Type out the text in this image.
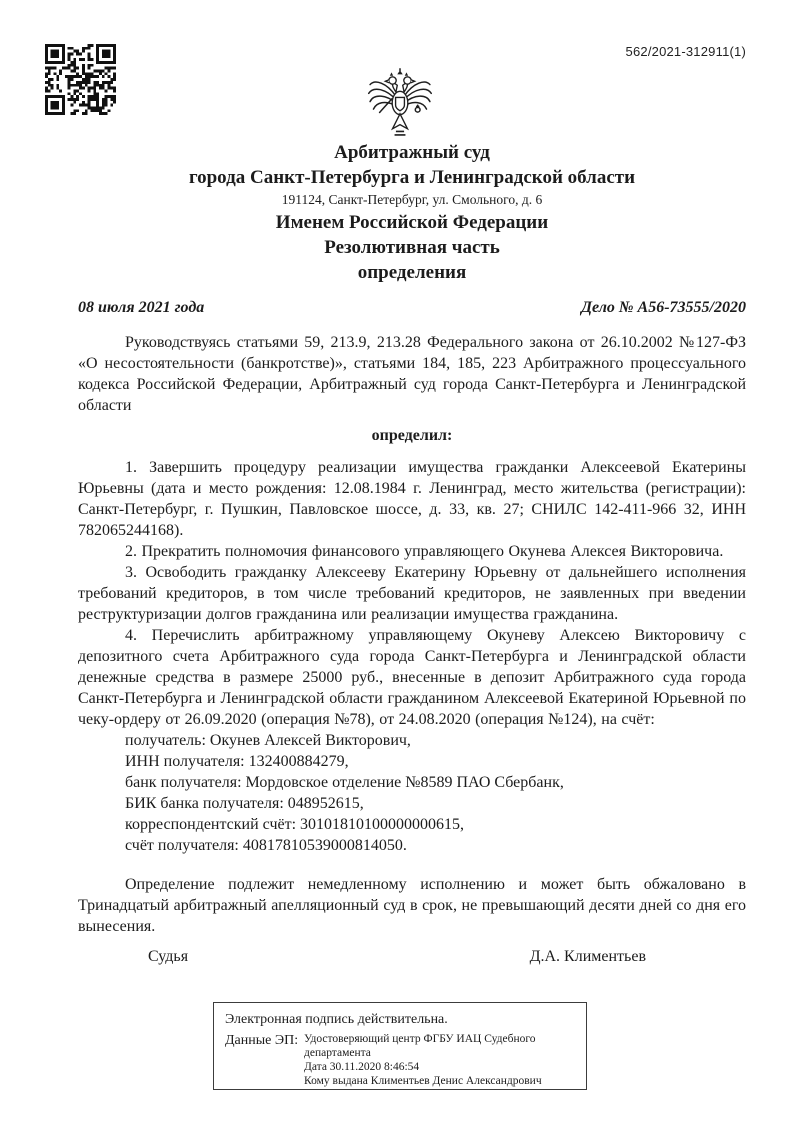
562/2021-312911(1)

Арбитражный суд

города Санкт-Петербурга и Ленинградской области

191124, Санкт-Петербург, ул. Смольного, д. 6

Именем Российской Федерации

Резолютивная часть

определения

08 июля 2021 года	Дело № А56-73555/2020

Руководствуясь статьями 59, 213.9, 213.28 Федерального закона от 26.10.2002 №127-ФЗ «О несостоятельности (банкротстве)», статьями 184, 185, 223 Арбитражного процессуального кодекса Российской Федерации, Арбитражный суд города Санкт-Петербурга и Ленинградской области

определил:

1. Завершить процедуру реализации имущества гражданки Алексеевой Екатерины Юрьевны (дата и место рождения: 12.08.1984 г. Ленинград, место жительства (регистрации): Санкт-Петербург, г. Пушкин, Павловское шоссе, д. 33, кв. 27; СНИЛС 142-411-966 32, ИНН 782065244168).

2. Прекратить полномочия финансового управляющего Окунева Алексея Викторовича.

3. Освободить гражданку Алексееву Екатерину Юрьевну от дальнейшего исполнения требований кредиторов, в том числе требований кредиторов, не заявленных при введении реструктуризации долгов гражданина или реализации имущества гражданина.

4. Перечислить арбитражному управляющему Окуневу Алексею Викторовичу с депозитного счета Арбитражного суда города Санкт-Петербурга и Ленинградской области денежные средства в размере 25000 руб., внесенные в депозит Арбитражного суда города Санкт-Петербурга и Ленинградской области гражданином Алексеевой Екатериной Юрьевной по чеку-ордеру от 26.09.2020 (операция №78), от 24.08.2020 (операция №124), на счёт:

получатель: Окунев Алексей Викторович,
ИНН получателя: 132400884279,
банк получателя: Мордовское отделение №8589 ПАО Сбербанк,
БИК банка получателя: 048952615,
корреспондентский счёт: 30101810100000000615,
счёт получателя: 40817810539000814050.

Определение подлежит немедленному исполнению и может быть обжаловано в Тринадцатый арбитражный апелляционный суд в срок, не превышающий десяти дней со дня его вынесения.

Судья	Д.А. Климентьев
Электронная подпись действительна.
Данные ЭП: Удостоверяющий центр ФГБУ ИАЦ Судебного департамента
Дата 30.11.2020 8:46:54
Кому выдана Климентьев Денис Александрович
